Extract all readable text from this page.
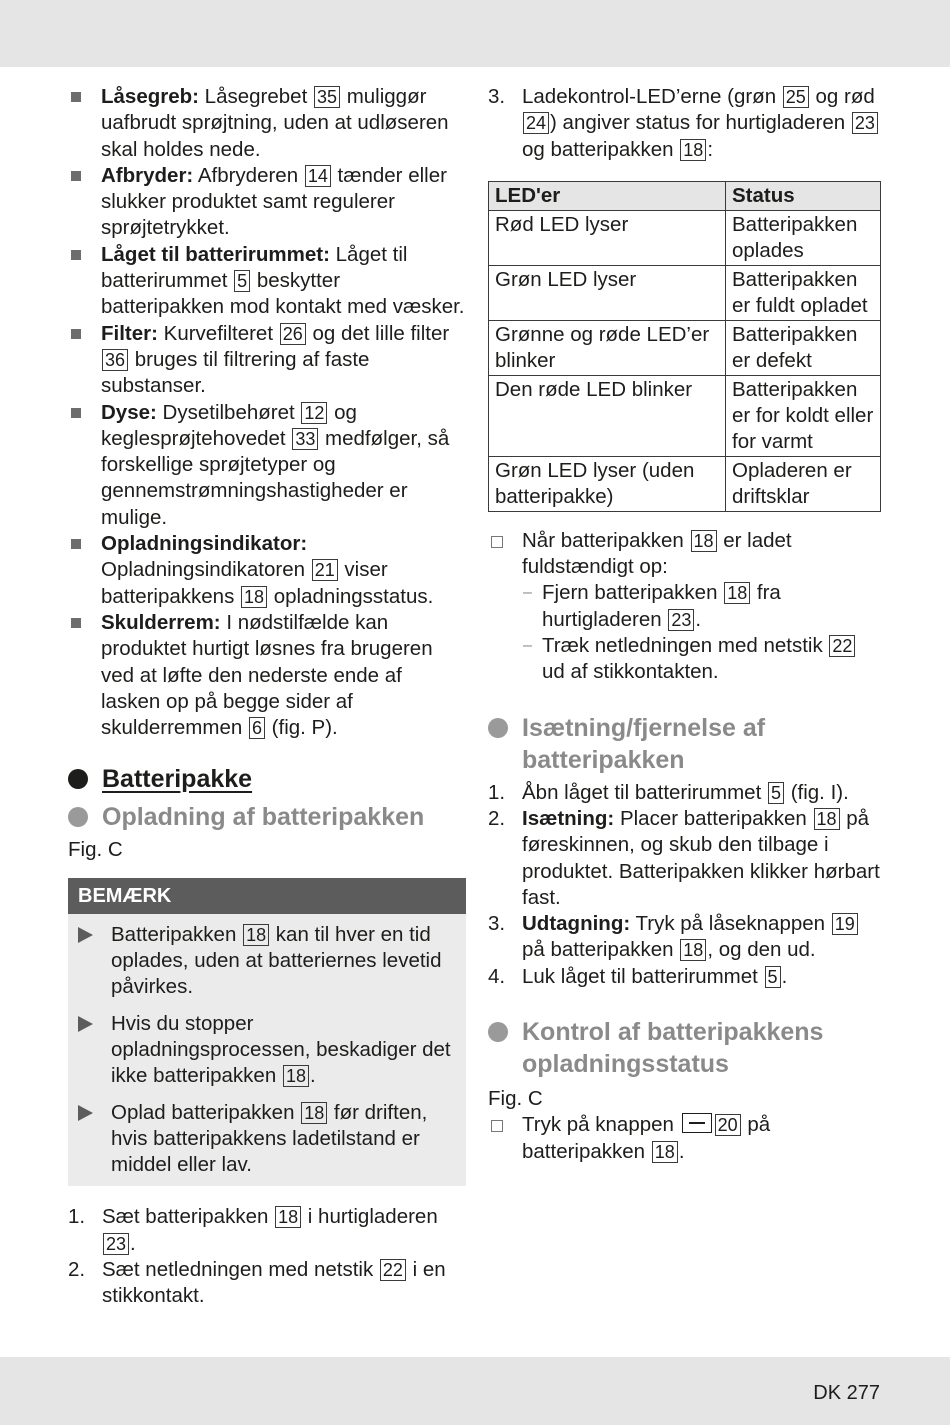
Låsegreb: Låsegrebet 35 muliggør uafbrudt sprøjtning, uden at udløseren skal holdes nede.
Afbryder: Afbryderen 14 tænder eller slukker produktet samt regulerer sprøjtetrykket.
Låget til batterirummet: Låget til batterirummet 5 beskytter batteripakken mod kontakt med væsker.
Filter: Kurvefilteret 26 og det lille filter 36 bruges til filtrering af faste substanser.
Dyse: Dysetilbehøret 12 og keglesprøjtehovedet 33 medfølger, så forskellige sprøjtetyper og gennemstrømningshastigheder er mulige.
Opladningsindikator: Opladningsindikatoren 21 viser batteripakkens 18 opladningsstatus.
Skulderrem: I nødstilfælde kan produktet hurtigt løsnes fra brugeren ved at løfte den nederste ende af lasken op på begge sider af skulderremmen 6 (fig. P).
Batteripakke
Opladning af batteripakken
Fig. C
BEMÆRK
Batteripakken 18 kan til hver en tid oplades, uden at batteriernes levetid påvirkes.
Hvis du stopper opladningsprocessen, beskadiger det ikke batteripakken 18 .
Oplad batteripakken 18 før driften, hvis batteripakkens ladetilstand er middel eller lav.
1. Sæt batteripakken 18 i hurtigladeren 23 .
2. Sæt netledningen med netstik 22 i en stikkontakt.
3. Ladekontrol-LED’erne (grøn 25 og rød 24 ) angiver status for hurtigladeren 23 og batteripakken 18 :
LED'er	Status
Rød LED lyser	Batteripakken oplades
Grøn LED lyser	Batteripakken er fuldt opladet
Grønne og røde LED’er blinker	Batteripakken er defekt
Den røde LED blinker	Batteripakken er for koldt eller for varmt
Grøn LED lyser (uden batteripakke)	Opladeren er driftsklar
Når batteripakken 18 er ladet fuldstændigt op:
– Fjern batteripakken 18 fra hurtigladeren 23 .
– Træk netledningen med netstik 22 ud af stikkontakten.
Isætning/fjernelse af batteripakken
1. Åbn låget til batterirummet 5 (fig. I).
2. Isætning: Placer batteripakken 18 på føreskinnen, og skub den tilbage i produktet. Batteripakken klikker hørbart fast.
3. Udtagning: Tryk på låseknappen 19 på batteripakken 18 , og den ud.
4. Luk låget til batterirummet 5 .
Kontrol af batteripakkens opladningsstatus
Fig. C
Tryk på knappen 20 på batteripakken 18 .
DK 277
